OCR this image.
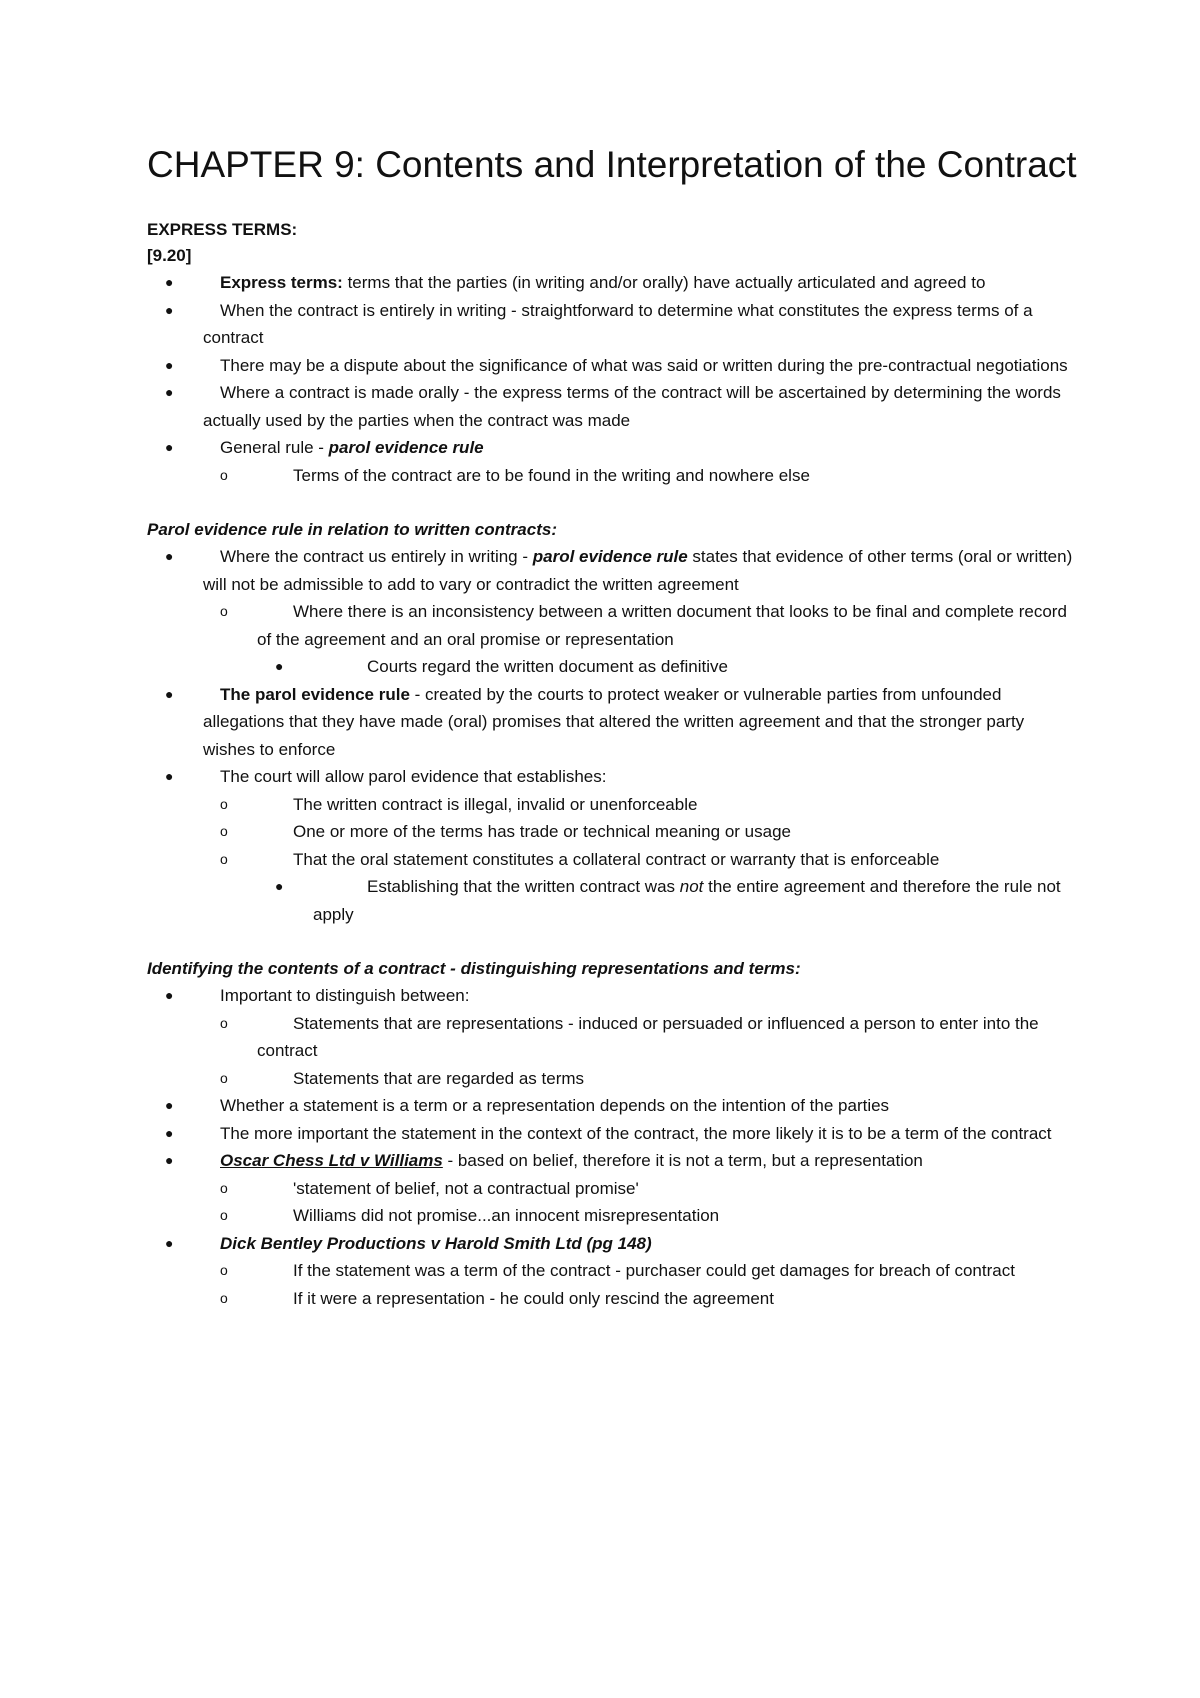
CHAPTER 9: Contents and Interpretation of the Contract

EXPRESS TERMS:

[9.20]

●	Express terms: terms that the parties (in writing and/or orally) have actually articulated and agreed to
●	When the contract is entirely in writing - straightforward to determine what constitutes the express terms of a contract
●	There may be a dispute about the significance of what was said or written during the pre-contractual negotiations
●	Where a contract is made orally - the express terms of the contract will be ascertained by determining the words actually used by the parties when the contract was made
●	General rule - parol evidence rule
o	Terms of the contract are to be found in the writing and nowhere else

Parol evidence rule in relation to written contracts:

●	Where the contract us entirely in writing - parol evidence rule states that evidence of other terms (oral or written) will not be admissible to add to vary or contradict the written agreement
o	Where there is an inconsistency between a written document that looks to be final and complete record of the agreement and an oral promise or representation
●	Courts regard the written document as definitive
●	The parol evidence rule - created by the courts to protect weaker or vulnerable parties from unfounded allegations that they have made (oral) promises that altered the written agreement and that the stronger party wishes to enforce
●	The court will allow parol evidence that establishes:
o	The written contract is illegal, invalid or unenforceable
o	One or more of the terms has trade or technical meaning or usage
o	That the oral statement constitutes a collateral contract or warranty that is enforceable
●	Establishing that the written contract was not the entire agreement and therefore the rule not apply

Identifying the contents of a contract - distinguishing representations and terms:

●	Important to distinguish between:
o	Statements that are representations - induced or persuaded or influenced a person to enter into the contract
o	Statements that are regarded as terms
●	Whether a statement is a term or a representation depends on the intention of the parties
●	The more important the statement in the context of the contract, the more likely it is to be a term of the contract
●	Oscar Chess Ltd v Williams - based on belief, therefore it is not a term, but a representation
o	'statement of belief, not a contractual promise'
o	Williams did not promise...an innocent misrepresentation
●	Dick Bentley Productions v Harold Smith Ltd (pg 148)
o	If the statement was a term of the contract - purchaser could get damages for breach of contract
o	If it were a representation - he could only rescind the agreement
